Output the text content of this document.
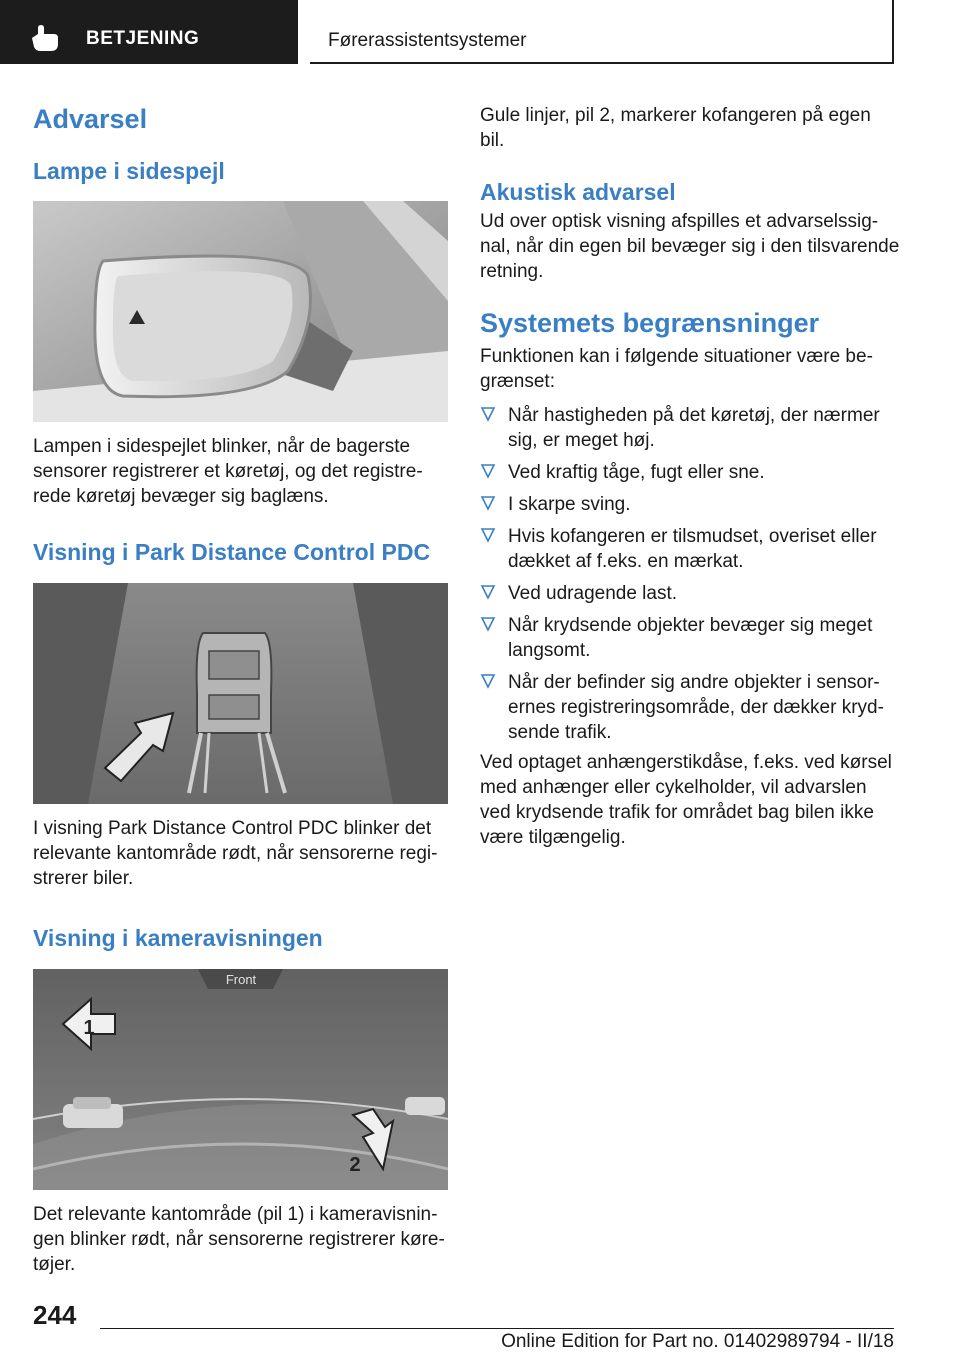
BETJENING	Førerassistentsystemer
Advarsel
Lampe i sidespejl

Lampen i sidespejlet blinker, når de bagerste sensorer registrerer et køretøj, og det registrerede køretøj bevæger sig baglæns.

Visning i Park Distance Control PDC

I visning Park Distance Control PDC blinker det relevante kantområde rødt, når sensorerne registrerer biler.

Visning i kameravisningen
Front
1
2

Det relevante kantområde (pil 1) i kameravisningen blinker rødt, når sensorerne registrerer køretøjer.

Gule linjer, pil 2, markerer kofangeren på egen bil.

Akustisk advarsel

Ud over optisk visning afspilles et advarselssignal, når din egen bil bevæger sig i den tilsvarende retning.

Systemets begrænsninger

Funktionen kan i følgende situationer være begrænset:

Når hastigheden på det køretøj, der nærmer sig, er meget høj.
Ved kraftig tåge, fugt eller sne.
I skarpe sving.
Hvis kofangeren er tilsmudset, overiset eller dækket af f.eks. en mærkat.
Ved udragende last.
Når krydsende objekter bevæger sig meget langsomt.
Når der befinder sig andre objekter i sensorernes registreringsområde, der dækker krydsende trafik.

Ved optaget anhængerstikdåse, f.eks. ved kørsel med anhænger eller cykelholder, vil advarslen ved krydsende trafik for området bag bilen ikke være tilgængelig.

244
Online Edition for Part no. 01402989794 - II/18
